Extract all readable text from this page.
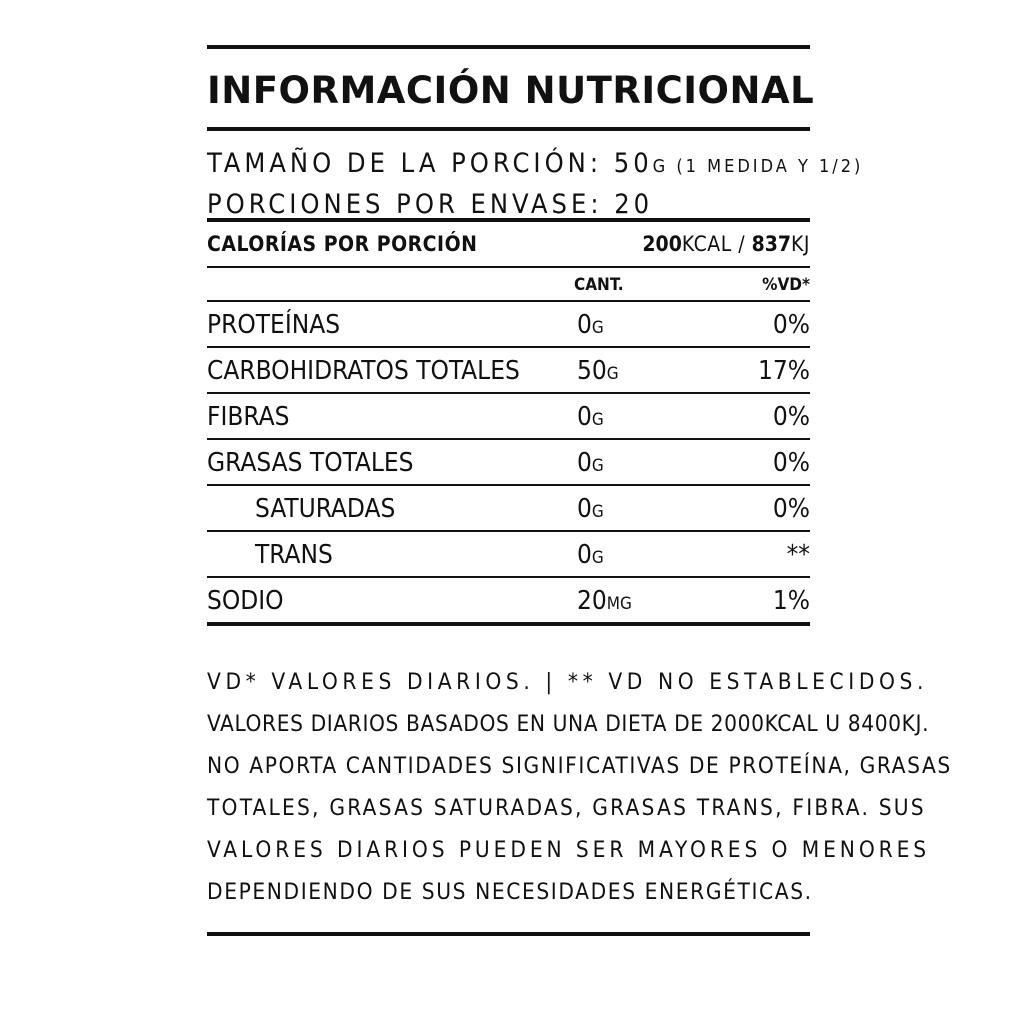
INFORMACIÓN NUTRICIONAL
TAMAÑO DE LA PORCIÓN: 50G (1 MEDIDA Y 1/2)
PORCIONES POR ENVASE: 20
CALORÍAS POR PORCIÓN	200KCAL / 837KJ
CANT.	%VD*
PROTEÍNAS	0G	0%
CARBOHIDRATOS TOTALES 50G	17%
FIBRAS	0G	0%
GRASAS TOTALES	0G	0%
SATURADAS	0G	0%
TRANS	0G	**
SODIO	20MG	1%
VD* VALORES DIARIOS. | ** VD NO ESTABLECIDOS.
VALORES DIARIOS BASADOS EN UNA DIETA DE 2000KCAL U 8400KJ.
NO APORTA CANTIDADES SIGNIFICATIVAS DE PROTEÍNA, GRASAS
TOTALES, GRASAS SATURADAS, GRASAS TRANS, FIBRA. SUS
VALORES DIARIOS PUEDEN SER MAYORES O MENORES
DEPENDIENDO DE SUS NECESIDADES ENERGÉTICAS.
